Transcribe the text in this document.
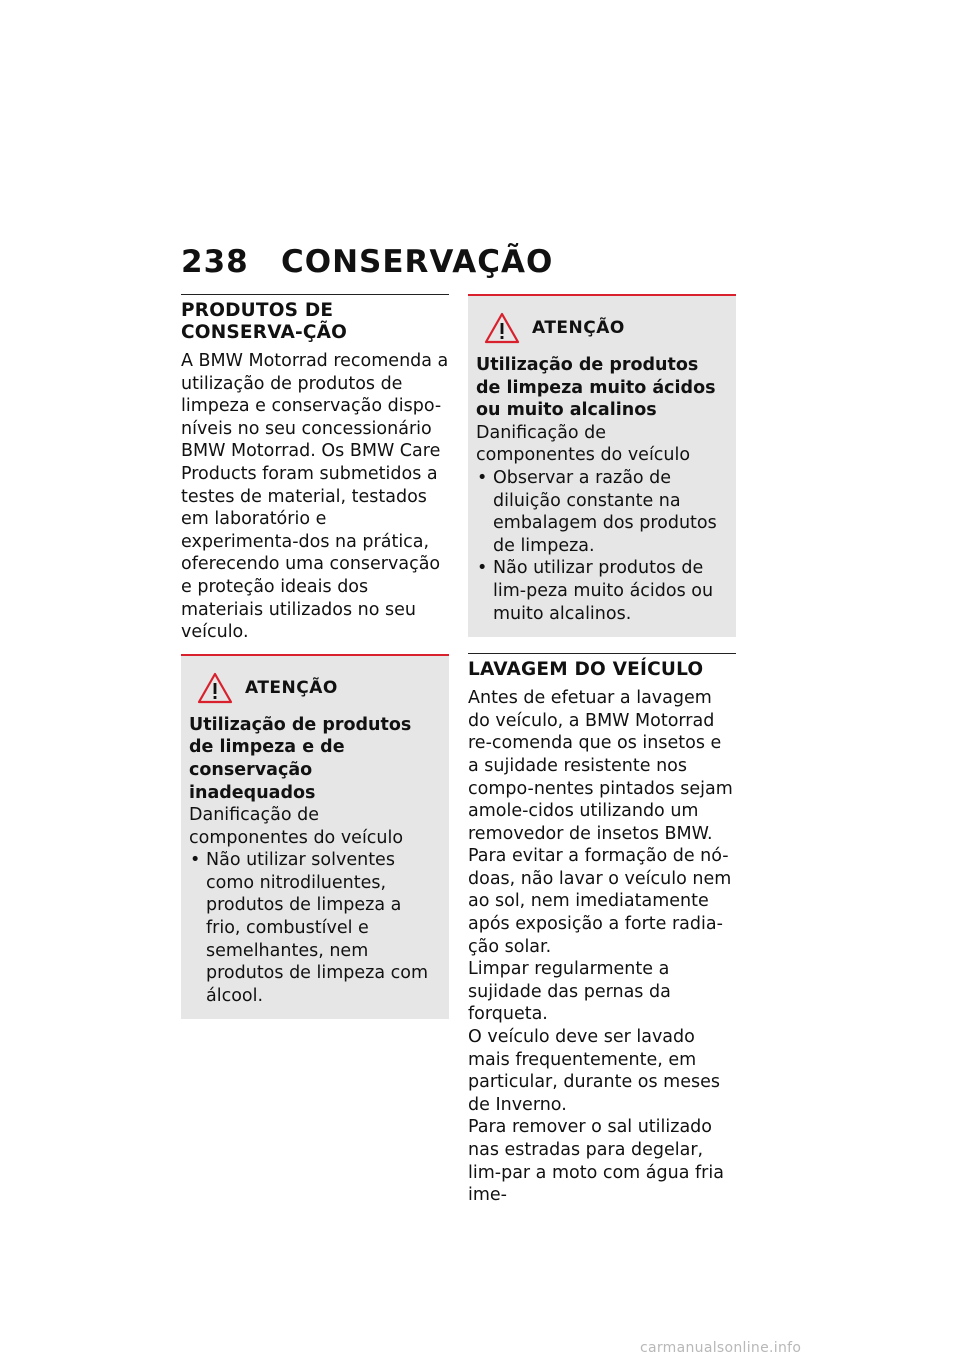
238 CONSERVAÇÃO
PRODUTOS DE CONSERVA-ÇÃO
A BMW Motorrad recomenda a utilização de produtos de limpeza e conservação dispo-níveis no seu concessionário BMW Motorrad. Os BMW Care Products foram submetidos a testes de material, testados em laboratório e experimenta-dos na prática, oferecendo uma conservação e proteção ideais dos materiais utilizados no seu veículo.
ATENÇÃO
Utilização de produtos de limpeza e de conservação inadequados
Danificação de componentes do veículo
• Não utilizar solventes como nitrodiluentes, produtos de limpeza a frio, combustível e semelhantes, nem produtos de limpeza com álcool.
ATENÇÃO
Utilização de produtos de limpeza muito ácidos ou muito alcalinos
Danificação de componentes do veículo
• Observar a razão de diluição constante na embalagem dos produtos de limpeza.
• Não utilizar produtos de lim-peza muito ácidos ou muito alcalinos.
LAVAGEM DO VEÍCULO

Antes de efetuar a lavagem do veículo, a BMW Motorrad re-comenda que os insetos e a sujidade resistente nos compo-nentes pintados sejam amole-cidos utilizando um removedor de insetos BMW.

Para evitar a formação de nó-doas, não lavar o veículo nem ao sol, nem imediatamente após exposição a forte radia-ção solar.

Limpar regularmente a sujidade das pernas da forqueta.

O veículo deve ser lavado mais frequentemente, em particular, durante os meses de Inverno.

Para remover o sal utilizado nas estradas para degelar, lim-par a moto com água fria ime-

carmanualsonline.info
